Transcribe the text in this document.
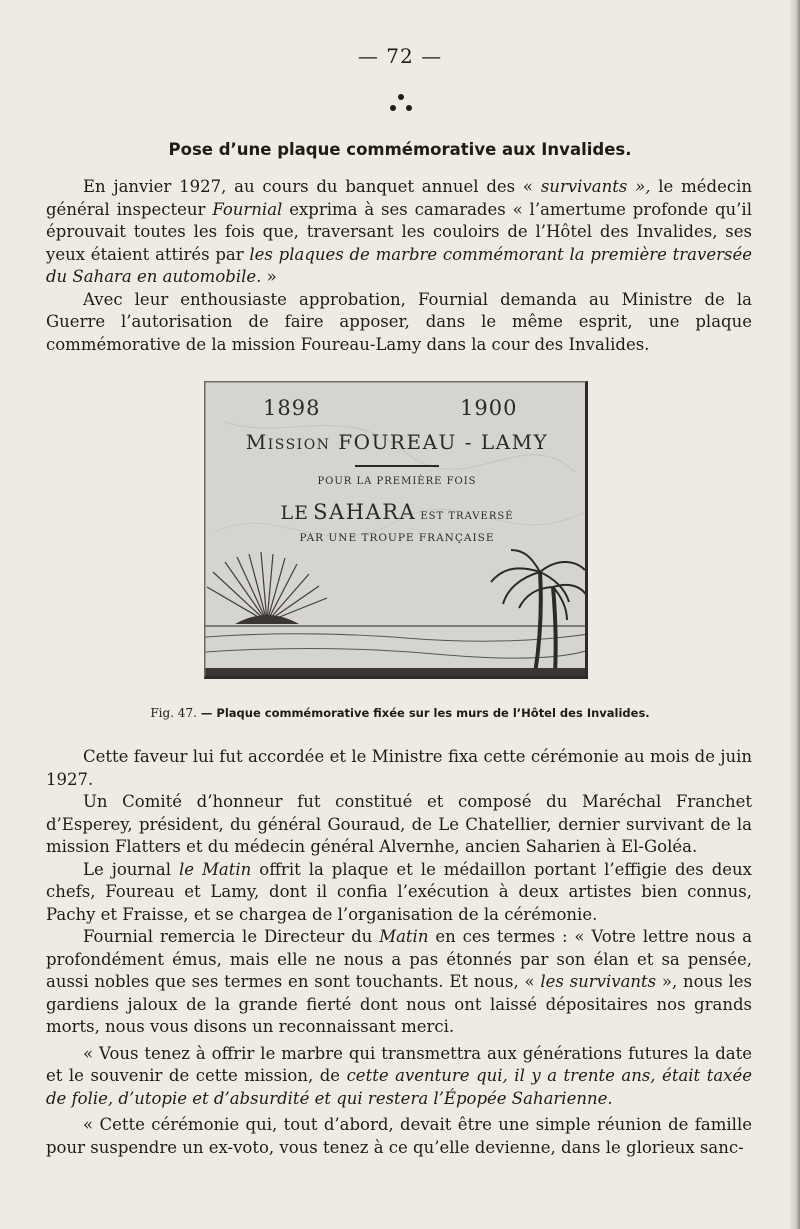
— 72 —
Pose d’une plaque commémorative aux Invalides.

En janvier 1927, au cours du banquet annuel des « survivants », le médecin général inspecteur Fournial exprima à ses camarades « l’amertume profonde qu’il éprouvait toutes les fois que, traversant les couloirs de l’Hôtel des Invalides, ses yeux étaient attirés par les plaques de marbre commémorant la première traversée du Sahara en automobile. »

Avec leur enthousiaste approbation, Fournial demanda au Ministre de la Guerre l’autorisation de faire apposer, dans le même esprit, une plaque commémorative de la mission Foureau-Lamy dans la cour des Invalides.

1898	1900
Mission FOUREAU - LAMY
POUR LA PREMIÈRE FOIS
LE SAHARA EST TRAVERSÉ
PAR UNE TROUPE FRANÇAISE
Fig. 47. — Plaque commémorative fixée sur les murs de l’Hôtel des Invalides.

Cette faveur lui fut accordée et le Ministre fixa cette cérémonie au mois de juin 1927.

Un Comité d’honneur fut constitué et composé du Maréchal Franchet d’Esperey, président, du général Gouraud, de Le Chatellier, dernier survivant de la mission Flatters et du médecin général Alvernhe, ancien Saharien à El-Goléa.

Le journal le Matin offrit la plaque et le médaillon portant l’effigie des deux chefs, Foureau et Lamy, dont il confia l’exécution à deux artistes bien connus, Pachy et Fraisse, et se chargea de l’organisation de la cérémonie.

Fournial remercia le Directeur du Matin en ces termes : « Votre lettre nous a profondément émus, mais elle ne nous a pas étonnés par son élan et sa pensée, aussi nobles que ses termes en sont touchants. Et nous, « les survivants », nous les gardiens jaloux de la grande fierté dont nous ont laissé dépositaires nos grands morts, nous vous disons un reconnaissant merci.

« Vous tenez à offrir le marbre qui transmettra aux générations futures la date et le souvenir de cette mission, de cette aventure qui, il y a trente ans, était taxée de folie, d’utopie et d’absurdité et qui restera l’Épopée Saharienne.

« Cette cérémonie qui, tout d’abord, devait être une simple réunion de famille pour suspendre un ex-voto, vous tenez à ce qu’elle devienne, dans le glorieux sanc-
